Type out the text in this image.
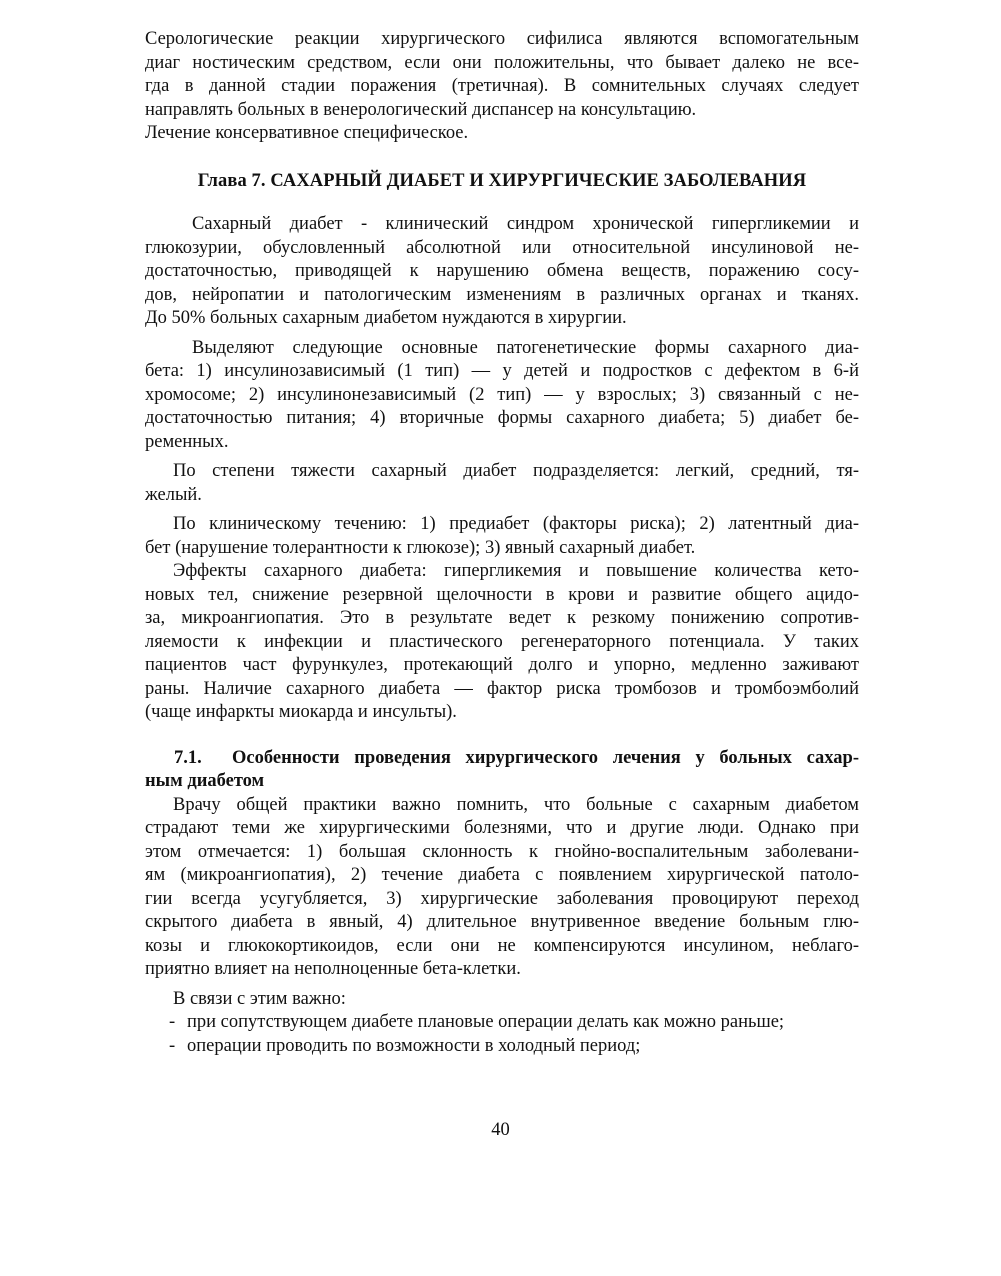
Серологические реакции хирургического сифилиса являются вспомогательным
диаг ностическим средством, если они положительны, что бывает далеко не все-
гда в данной стадии поражения (третичная). В сомнительных случаях следует
направлять больных в венерологический диспансер на консультацию.
Лечение консервативное специфическое.
Глава 7. САХАРНЫЙ ДИАБЕТ И ХИРУРГИЧЕСКИЕ ЗАБОЛЕВАНИЯ
Сахарный диабет - клинический синдром хронической гипергликемии и
глюкозурии, обусловленный абсолютной или относительной инсулиновой не-
достаточностью, приводящей к нарушению обмена веществ, поражению сосу-
дов, нейропатии и патологическим изменениям в различных органах и тканях.
До 50% больных сахарным диабетом нуждаются в хирургии.
Выделяют следующие основные патогенетические формы сахарного диа-
бета: 1) инсулинозависимый (1 тип) — у детей и подростков с дефектом в 6-й
хромосоме; 2) инсулинонезависимый (2 тип) — у взрослых; 3) связанный с не-
достаточностью питания; 4) вторичные формы сахарного диабета; 5) диабет бе-
ременных.
По степени тяжести сахарный диабет подразделяется: легкий, средний, тя-
желый.
По клиническому течению: 1) предиабет (факторы риска); 2) латентный диа-
бет (нарушение толерантности к глюкозе); 3) явный сахарный диабет.
Эффекты сахарного диабета: гипергликемия и повышение количества кето-
новых тел, снижение резервной щелочности в крови и развитие общего ацидо-
за, микроангиопатия. Это в результате ведет к резкому понижению сопротив-
ляемости к инфекции и пластического регенераторного потенциала. У таких
пациентов част фурункулез, протекающий долго и упорно, медленно заживают
раны. Наличие сахарного диабета — фактор риска тромбозов и тромбоэмболий
(чаще инфаркты миокарда и инсульты).
7.1. Особенности проведения хирургического лечения у больных сахар-
ным диабетом
Врачу общей практики важно помнить, что больные с сахарным диабетом
страдают теми же хирургическими болезнями, что и другие люди. Однако при
этом отмечается: 1) большая склонность к гнойно-воспалительным заболевани-
ям (микроангиопатия), 2) течение диабета с появлением хирургической патоло-
гии всегда усугубляется, 3) хирургические заболевания провоцируют переход
скрытого диабета в явный, 4) длительное внутривенное введение больным глю-
козы и глюкокортикоидов, если они не компенсируются инсулином, неблаго-
приятно влияет на неполноценные бета-клетки.
В связи с этим важно:
- при сопутствующем диабете плановые операции делать как можно раньше;
- операции проводить по возможности в холодный период;
40
